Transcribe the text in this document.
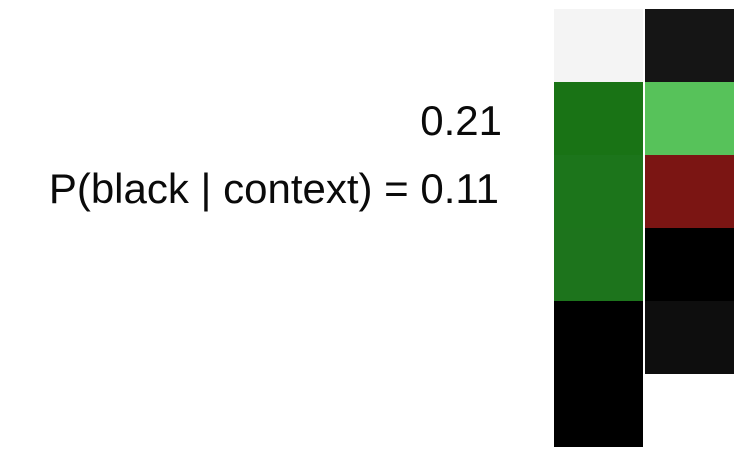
0.21
P(black | context) = 0.11
